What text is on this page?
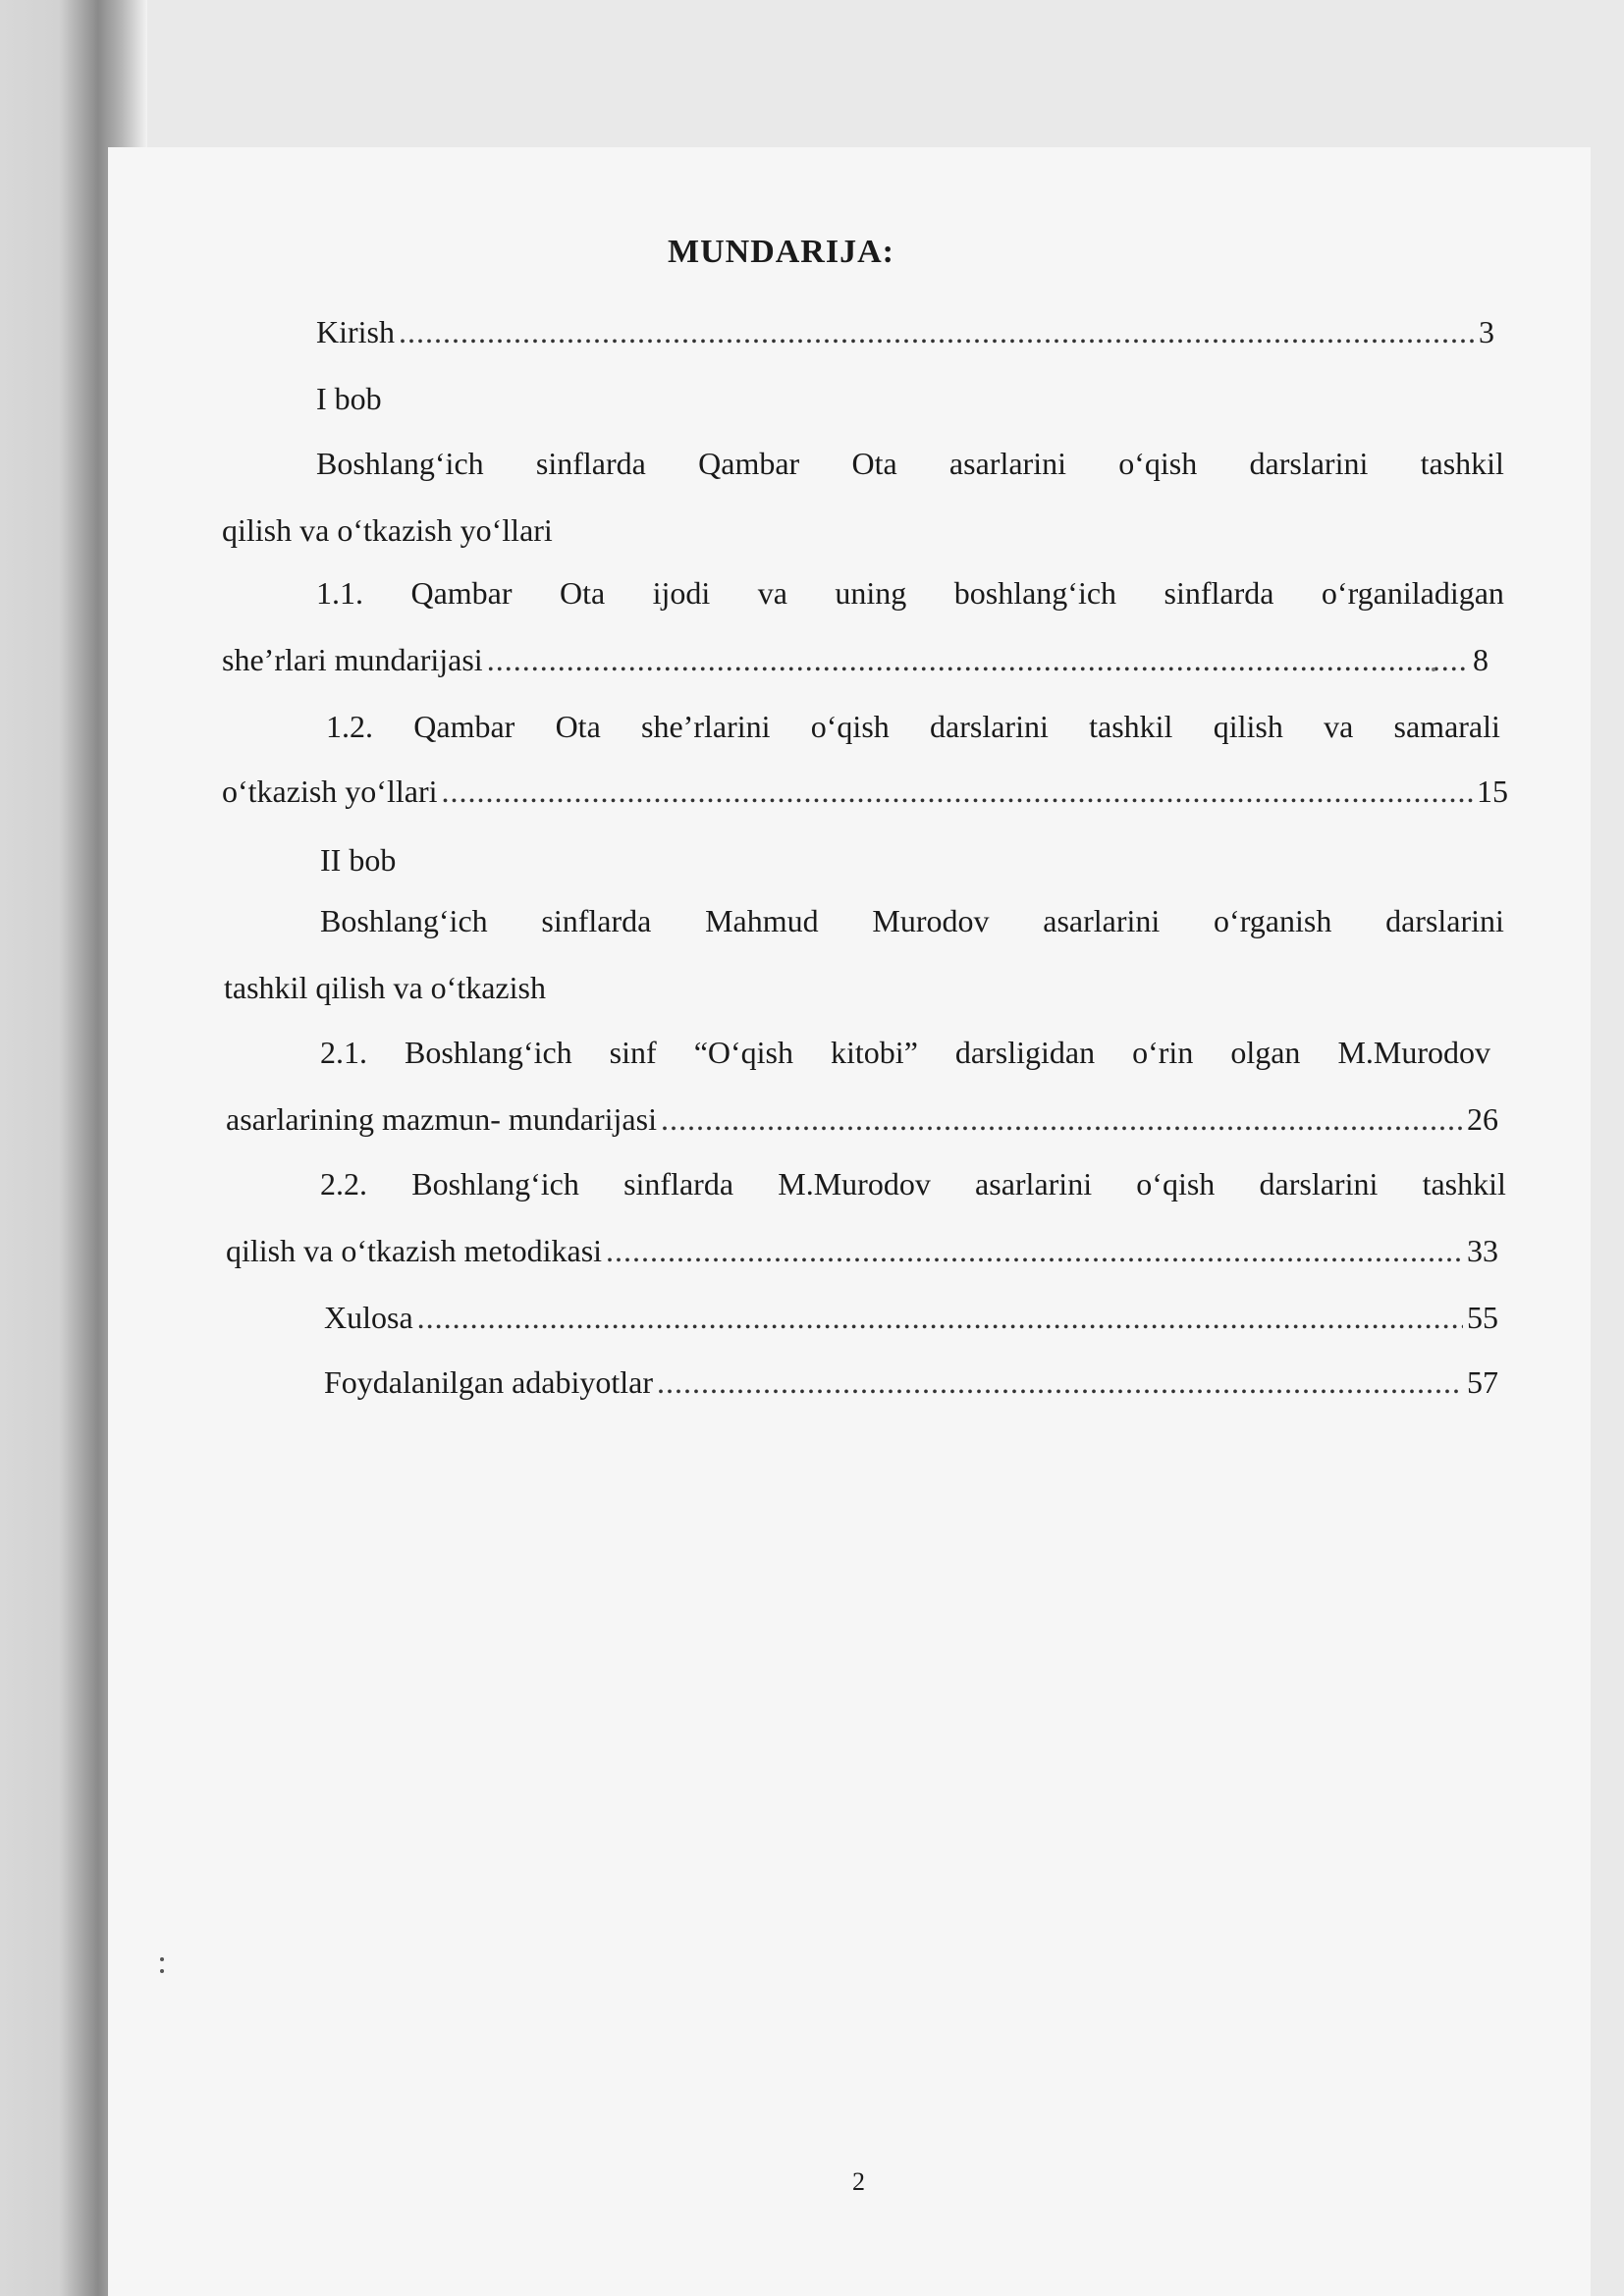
MUNDARIJA:
Kirish .....	3
I bob
Boshlang‘ich sinflarda Qambar Ota asarlarini o‘qish darslarini tashkil
qilish va o‘tkazish yo‘llari
1.1. Qambar Ota ijodi va uning boshlang‘ich sinflarda o‘rganiladigan
she’rlari mundarijasi .....	8
1.2. Qambar Ota she’rlarini o‘qish darslarini tashkil qilish va samarali
o‘tkazish yo‘llari .....	15
II bob
Boshlang‘ich sinflarda Mahmud Murodov asarlarini o‘rganish darslarini
tashkil qilish va o‘tkazish
2.1. Boshlang‘ich sinf “O‘qish kitobi” darsligidan o‘rin olgan M.Murodov
asarlarining mazmun- mundarijasi .....	26
2.2. Boshlang‘ich sinflarda M.Murodov asarlarini o‘qish darslarini tashkil
qilish va o‘tkazish metodikasi .....	33
Xulosa .....	55
Foydalanilgan adabiyotlar .....	57
2
